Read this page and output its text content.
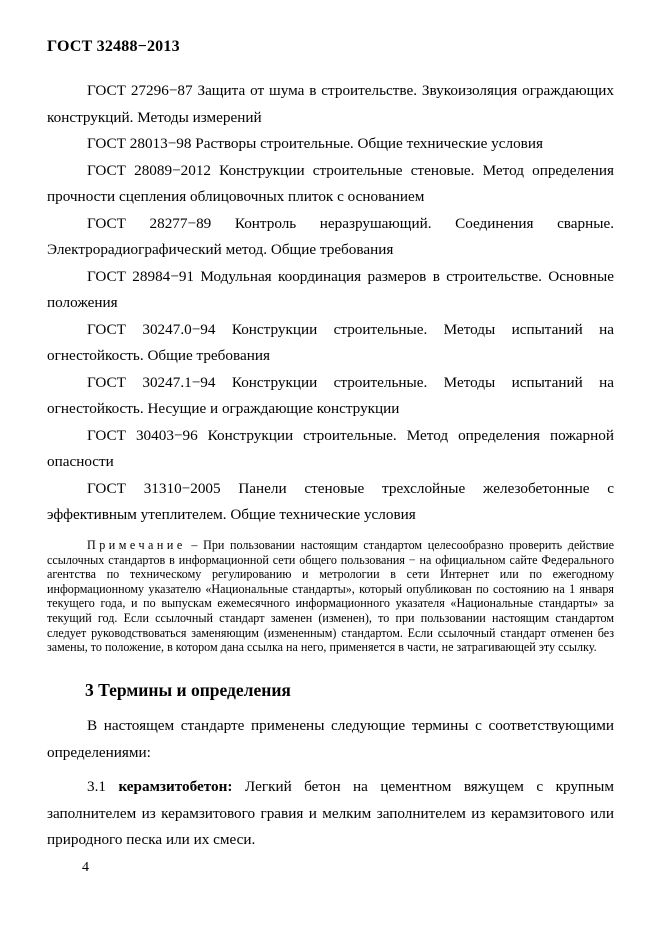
ГОСТ 32488−2013

ГОСТ 27296−87 Защита от шума в строительстве. Звукоизоляция ограждающих конструкций. Методы измерений

ГОСТ 28013−98 Растворы строительные. Общие технические условия

ГОСТ 28089−2012 Конструкции строительные стеновые. Метод определения прочности сцепления облицовочных плиток с основанием

ГОСТ 28277−89 Контроль неразрушающий. Соединения сварные. Электрорадиографический метод. Общие требования

ГОСТ 28984−91 Модульная координация размеров в строительстве. Основные положения

ГОСТ 30247.0−94 Конструкции строительные. Методы испытаний на огнестойкость. Общие требования

ГОСТ 30247.1−94 Конструкции строительные. Методы испытаний на огнестойкость. Несущие и ограждающие конструкции

ГОСТ 30403−96 Конструкции строительные. Метод определения пожарной опасности

ГОСТ 31310−2005 Панели стеновые трехслойные железобетонные с эффективным утеплителем. Общие технические условия

Примечание – При пользовании настоящим стандартом целесообразно проверить действие ссылочных стандартов в информационной сети общего пользования − на официальном сайте Федерального агентства по техническому регулированию и метрологии в сети Интернет или по ежегодному информационному указателю «Национальные стандарты», который опубликован по состоянию на 1 января текущего года, и по выпускам ежемесячного информационного указателя «Национальные стандарты» за текущий год. Если ссылочный стандарт заменен (изменен), то при пользовании настоящим стандартом следует руководствоваться заменяющим (измененным) стандартом. Если ссылочный стандарт отменен без замены, то положение, в котором дана ссылка на него, применяется в части, не затрагивающей эту ссылку.

3 Термины и определения

В настоящем стандарте применены следующие термины с соответствующими определениями:

3.1 керамзитобетон: Легкий бетон на цементном вяжущем с крупным заполнителем из керамзитового гравия и мелким заполнителем из керамзитового или природного песка или их смеси.

4
